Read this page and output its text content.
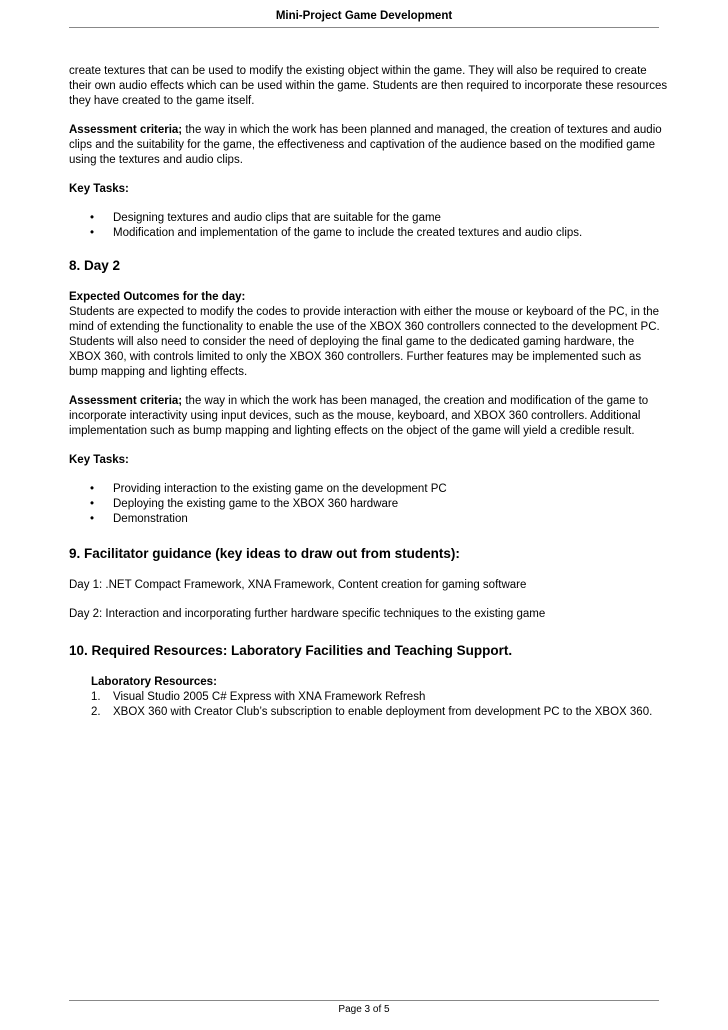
Mini-Project Game Development

create textures that can be used to modify the existing object within the game. They will also be required to create their own audio effects which can be used within the game. Students are then required to incorporate these resources they have created to the game itself.

Assessment criteria; the way in which the work has been planned and managed, the creation of textures and audio clips and the suitability for the game, the effectiveness and captivation of the audience based on the modified game using the textures and audio clips.

Key Tasks:

• Designing textures and audio clips that are suitable for the game
• Modification and implementation of the game to include the created textures and audio clips.

8. Day 2

Expected Outcomes for the day:

Students are expected to modify the codes to provide interaction with either the mouse or keyboard of the PC, in the mind of extending the functionality to enable the use of the XBOX 360 controllers connected to the development PC. Students will also need to consider the need of deploying the final game to the dedicated gaming hardware, the XBOX 360, with controls limited to only the XBOX 360 controllers. Further features may be implemented such as bump mapping and lighting effects.

Assessment criteria; the way in which the work has been managed, the creation and modification of the game to incorporate interactivity using input devices, such as the mouse, keyboard, and XBOX 360 controllers. Additional implementation such as bump mapping and lighting effects on the object of the game will yield a credible result.

Key Tasks:

• Providing interaction to the existing game on the development PC
• Deploying the existing game to the XBOX 360 hardware
• Demonstration

9. Facilitator guidance (key ideas to draw out from students):

Day 1: .NET Compact Framework, XNA Framework, Content creation for gaming software

Day 2: Interaction and incorporating further hardware specific techniques to the existing game

10. Required Resources: Laboratory Facilities and Teaching Support.

Laboratory Resources:

1. Visual Studio 2005 C# Express with XNA Framework Refresh
2. XBOX 360 with Creator Club’s subscription to enable deployment from development PC to the XBOX 360.
Page 3 of 5
